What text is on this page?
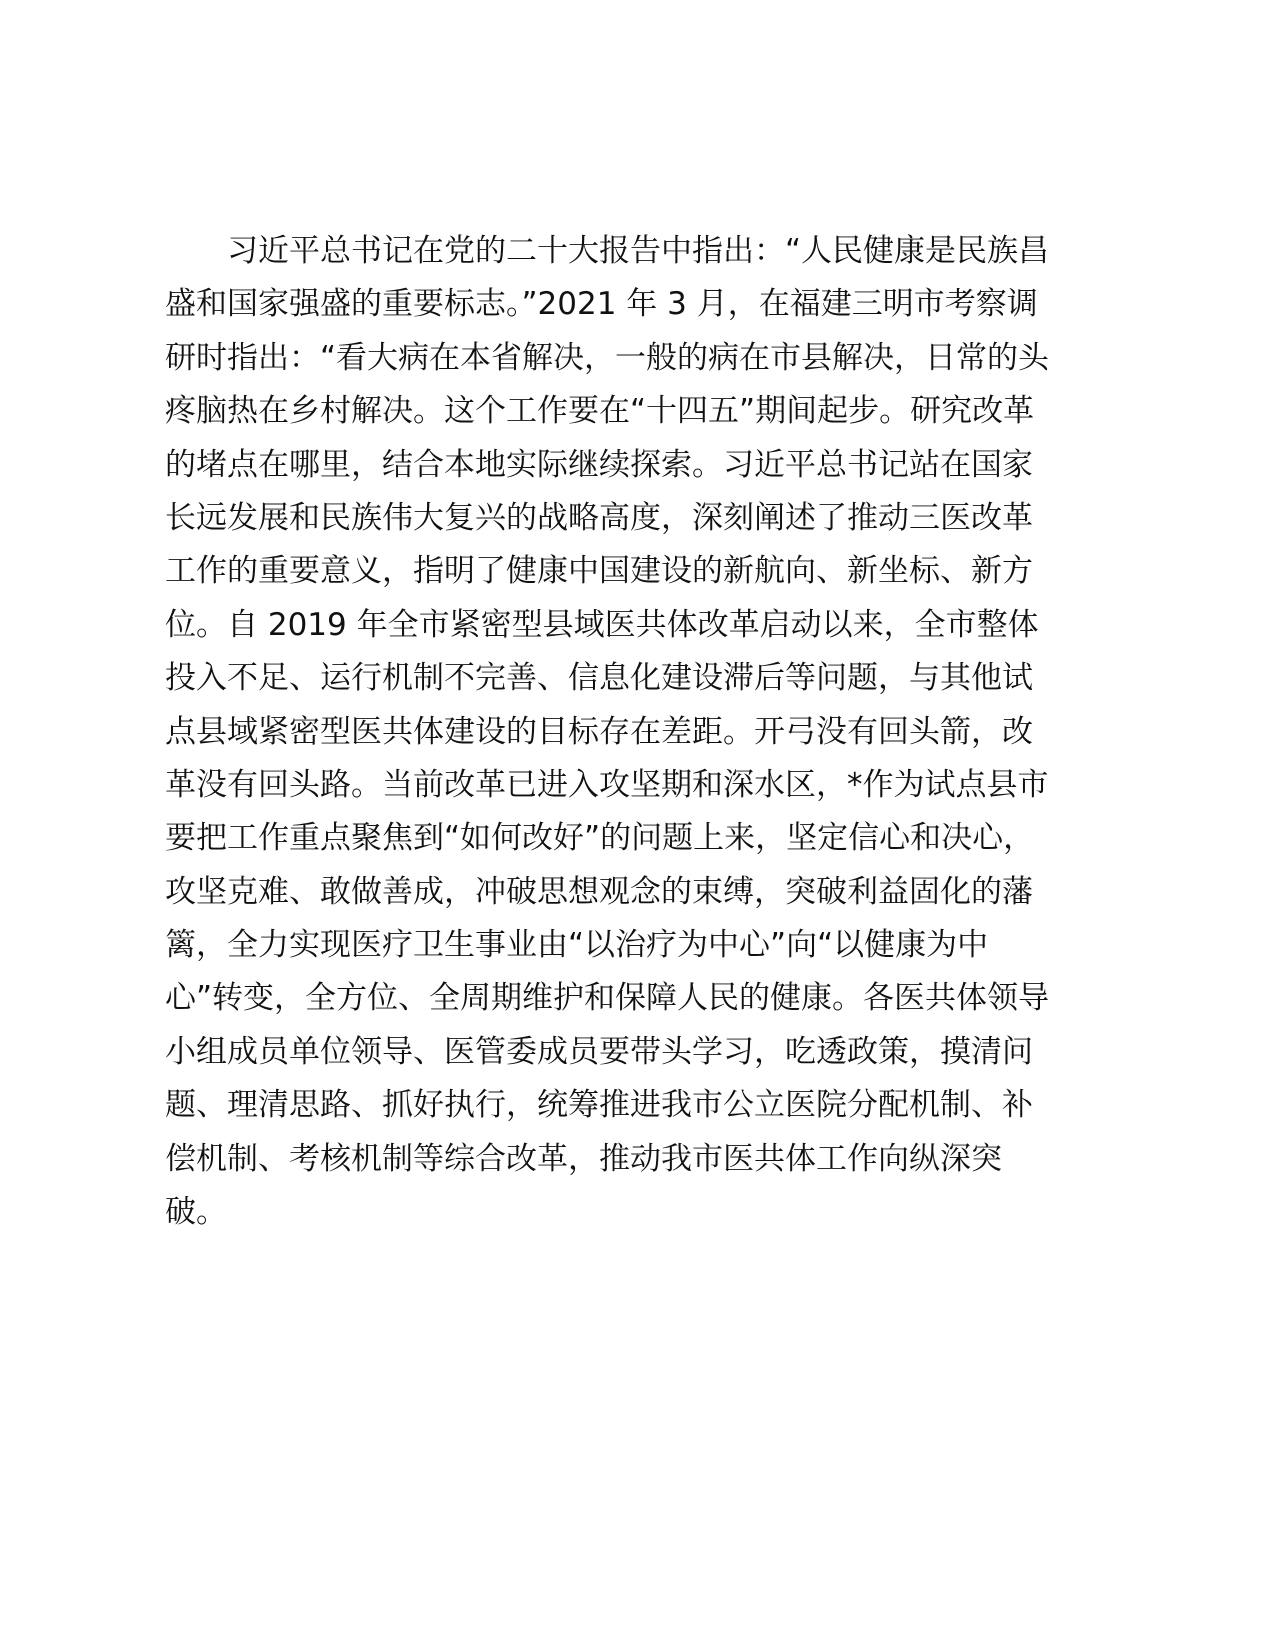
习近平总书记在党的二十大报告中指出：“人民健康是民族昌
盛和国家强盛的重要标志。”2021 年 3 月，在福建三明市考察调
研时指出：“看大病在本省解决，一般的病在市县解决，日常的头
疼脑热在乡村解决。这个工作要在“十四五”期间起步。研究改革
的堵点在哪里，结合本地实际继续探索。习近平总书记站在国家
长远发展和民族伟大复兴的战略高度，深刻阐述了推动三医改革
工作的重要意义，指明了健康中国建设的新航向、新坐标、新方
位。自 2019 年全市紧密型县域医共体改革启动以来，全市整体
投入不足、运行机制不完善、信息化建设滞后等问题，与其他试
点县域紧密型医共体建设的目标存在差距。开弓没有回头箭，改
革没有回头路。当前改革已进入攻坚期和深水区，*作为试点县市
要把工作重点聚焦到“如何改好”的问题上来，坚定信心和决心，
攻坚克难、敢做善成，冲破思想观念的束缚，突破利益固化的藩
篱，全力实现医疗卫生事业由“以治疗为中心”向“以健康为中
心”转变，全方位、全周期维护和保障人民的健康。各医共体领导
小组成员单位领导、医管委成员要带头学习，吃透政策，摸清问
题、理清思路、抓好执行，统筹推进我市公立医院分配机制、补
偿机制、考核机制等综合改革，推动我市医共体工作向纵深突
破。
